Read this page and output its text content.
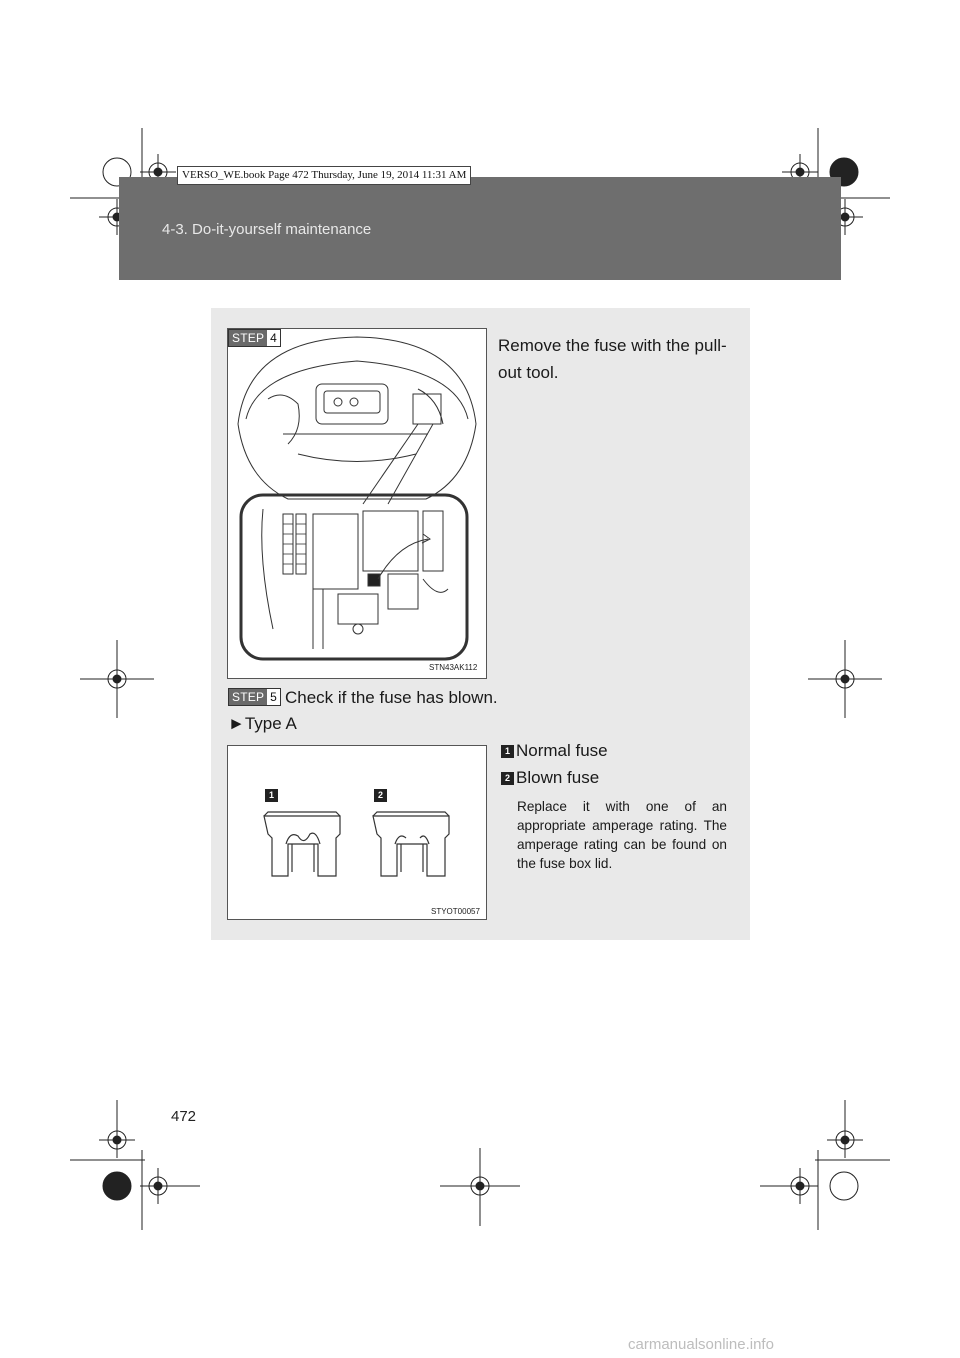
4-3. Do-it-yourself maintenance
VERSO_WE.book Page 472 Thursday, June 19, 2014 11:31 AM
STEP 4
STN43AK112
Remove the fuse with the pull-
out tool.
STEP 5 Check if the fuse has blown.
►Type A
1	2
STYOT00057
1 Normal fuse
2 Blown fuse
Replace it with one of an appropriate amperage rating. The amperage rating can be found on the fuse box lid.
472
carmanualsonline.info
